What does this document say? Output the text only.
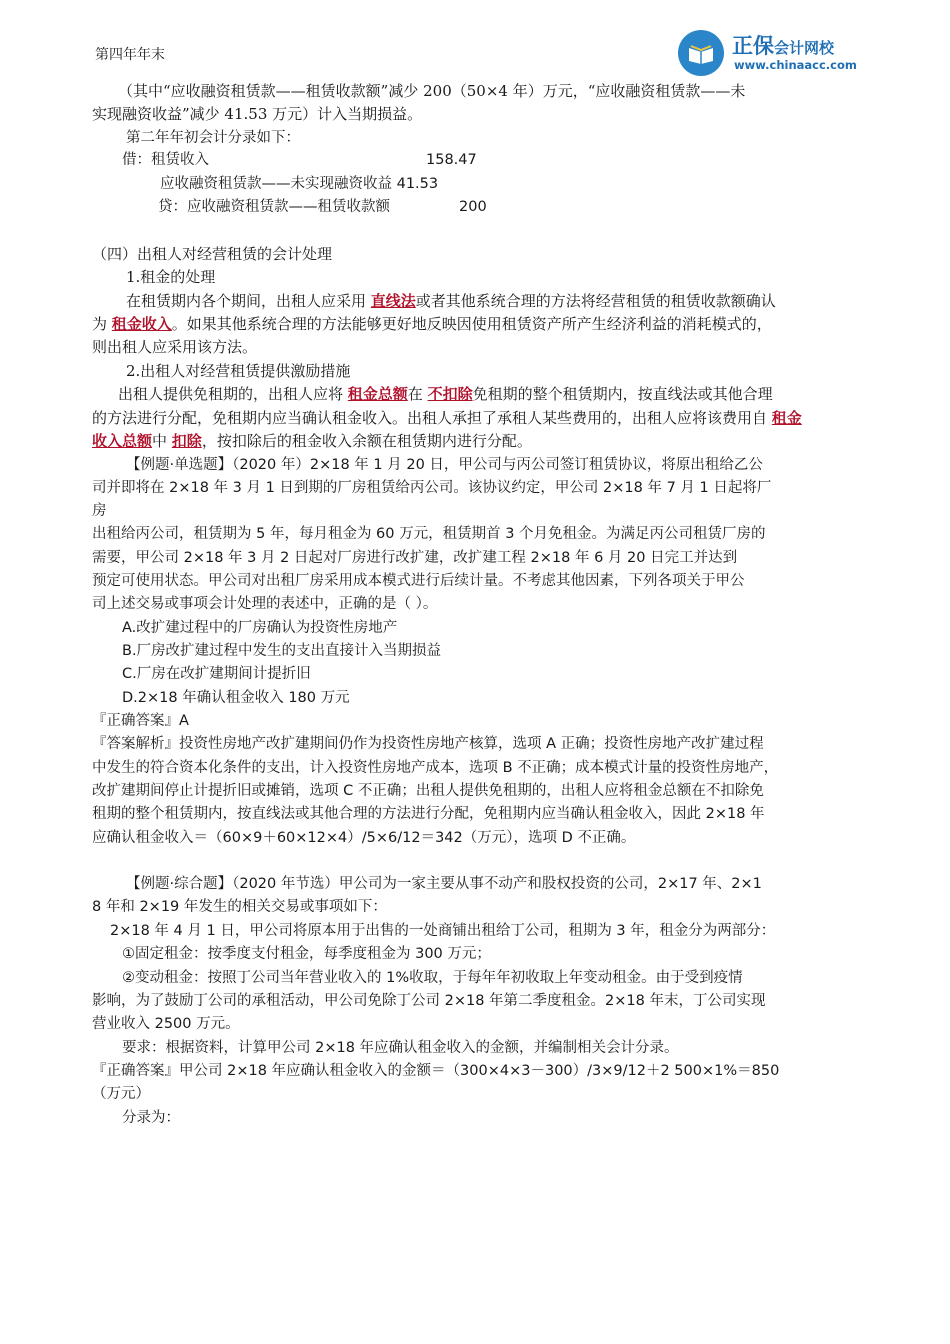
正保会计网校
www.chinaacc.com
第四年年末
（其中“应收融资租赁款——租赁收款额”减少 200（50×4 年）万元，“应收融资租赁款——未
实现融资收益”减少 41.53 万元）计入当期损益。
第二年年初会计分录如下：
借：租赁收入	158.47
应收融资租赁款——未实现融资收益 41.53
贷：应收融资租赁款——租赁收款额	200
（四）出租人对经营租赁的会计处理
1.租金的处理
在租赁期内各个期间，出租人应采用 直线法或者其他系统合理的方法将经营租赁的租赁收款额确认
为 租金收入。如果其他系统合理的方法能够更好地反映因使用租赁资产所产生经济利益的消耗模式的，
则出租人应采用该方法。
2.出租人对经营租赁提供激励措施
出租人提供免租期的，出租人应将 租金总额在 不扣除免租期的整个租赁期内，按直线法或其他合理
的方法进行分配，免租期内应当确认租金收入。出租人承担了承租人某些费用的，出租人应将该费用自 租金
收入总额中 扣除，按扣除后的租金收入余额在租赁期内进行分配。
【例题·单选题】（2020 年）2×18 年 1 月 20 日，甲公司与丙公司签订租赁协议，将原出租给乙公
司并即将在 2×18 年 3 月 1 日到期的厂房租赁给丙公司。该协议约定，甲公司 2×18 年 7 月 1 日起将厂
房
出租给丙公司，租赁期为 5 年，每月租金为 60 万元，租赁期首 3 个月免租金。为满足丙公司租赁厂房的
需要，甲公司 2×18 年 3 月 2 日起对厂房进行改扩建，改扩建工程 2×18 年 6 月 20 日完工并达到
预定可使用状态。甲公司对出租厂房采用成本模式进行后续计量。不考虑其他因素，下列各项关于甲公
司上述交易或事项会计处理的表述中，正确的是（ ）。
A.改扩建过程中的厂房确认为投资性房地产
B.厂房改扩建过程中发生的支出直接计入当期损益
C.厂房在改扩建期间计提折旧
D.2×18 年确认租金收入 180 万元
『正确答案』A
『答案解析』投资性房地产改扩建期间仍作为投资性房地产核算，选项 A 正确；投资性房地产改扩建过程
中发生的符合资本化条件的支出，计入投资性房地产成本，选项 B 不正确；成本模式计量的投资性房地产，
改扩建期间停止计提折旧或摊销，选项 C 不正确；出租人提供免租期的，出租人应将租金总额在不扣除免
租期的整个租赁期内，按直线法或其他合理的方法进行分配，免租期内应当确认租金收入，因此 2×18 年
应确认租金收入＝（60×9＋60×12×4）/5×6/12＝342（万元），选项 D 不正确。
【例题·综合题】（2020 年节选）甲公司为一家主要从事不动产和股权投资的公司，2×17 年、2×1
8 年和 2×19 年发生的相关交易或事项如下：
2×18 年 4 月 1 日，甲公司将原本用于出售的一处商铺出租给丁公司，租期为 3 年，租金分为两部分：
①固定租金：按季度支付租金，每季度租金为 300 万元；
②变动租金：按照丁公司当年营业收入的 1%收取，于每年年初收取上年变动租金。由于受到疫情
影响，为了鼓励丁公司的承租活动，甲公司免除丁公司 2×18 年第二季度租金。2×18 年末，丁公司实现
营业收入 2500 万元。
要求：根据资料，计算甲公司 2×18 年应确认租金收入的金额，并编制相关会计分录。
『正确答案』甲公司 2×18 年应确认租金收入的金额＝（300×4×3－300）/3×9/12＋2 500×1%＝850
（万元）
分录为：
